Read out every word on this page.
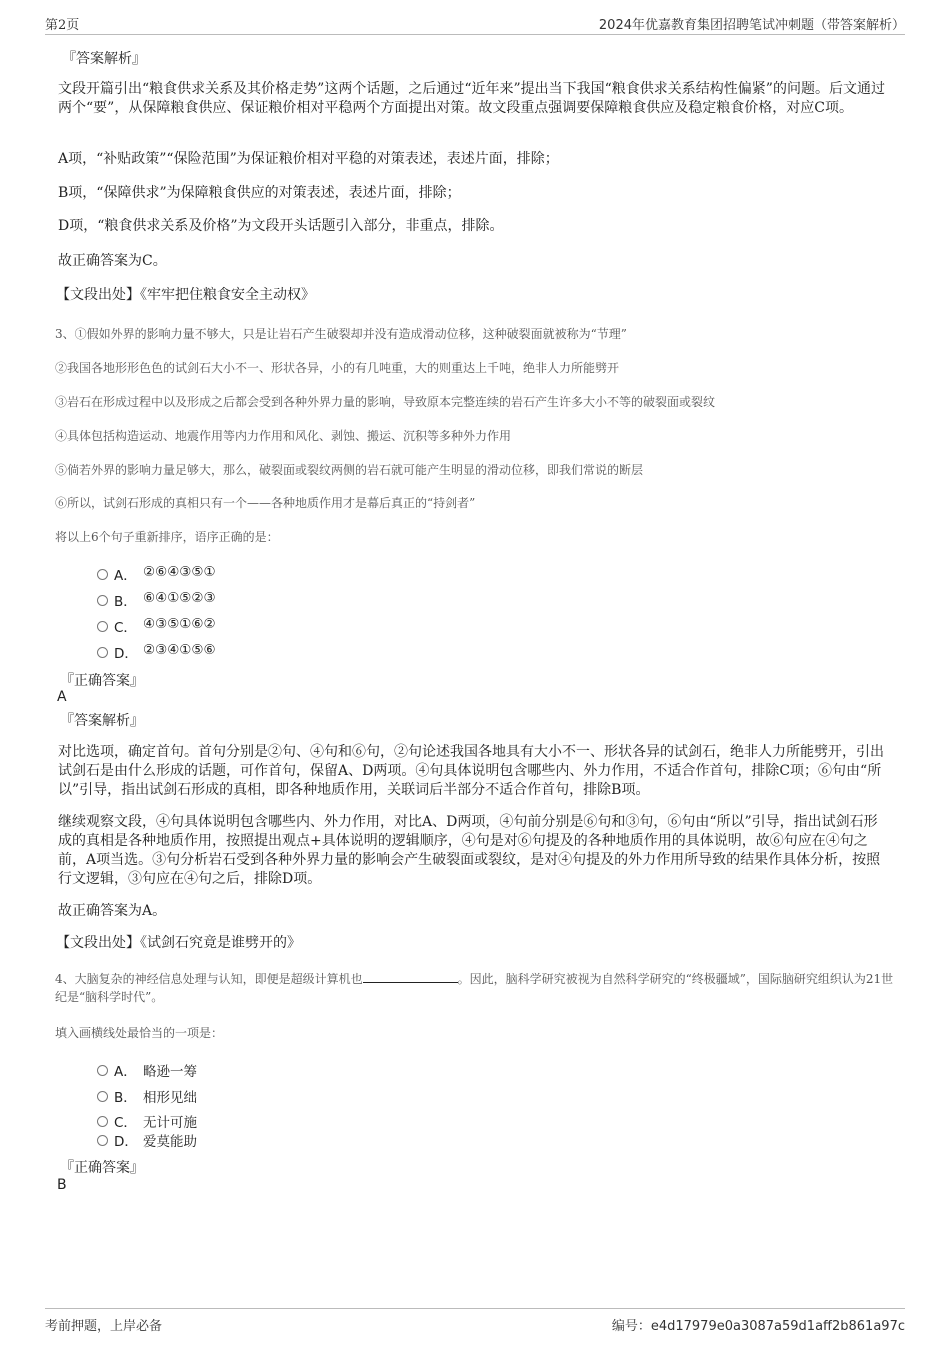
第2页	2024年优嘉教育集团招聘笔试冲刺题（带答案解析）
『答案解析』
文段开篇引出“粮食供求关系及其价格走势”这两个话题，之后通过“近年来”提出当下我国“粮食供求关系结构性偏紧”的问题。后文通过两个“要”，从保障粮食供应、保证粮价相对平稳两个方面提出对策。故文段重点强调要保障粮食供应及稳定粮食价格，对应C项。
A项，“补贴政策”“保险范围”为保证粮价相对平稳的对策表述，表述片面，排除；
B项，“保障供求”为保障粮食供应的对策表述，表述片面，排除；
D项，“粮食供求关系及价格”为文段开头话题引入部分，非重点，排除。
故正确答案为C。
【文段出处】《牢牢把住粮食安全主动权》
3、①假如外界的影响力量不够大，只是让岩石产生破裂却并没有造成滑动位移，这种破裂面就被称为“节理”
②我国各地形形色色的试剑石大小不一、形状各异，小的有几吨重，大的则重达上千吨，绝非人力所能劈开
③岩石在形成过程中以及形成之后都会受到各种外界力量的影响，导致原本完整连续的岩石产生许多大小不等的破裂面或裂纹
④具体包括构造运动、地震作用等内力作用和风化、剥蚀、搬运、沉积等多种外力作用
⑤倘若外界的影响力量足够大，那么，破裂面或裂纹两侧的岩石就可能产生明显的滑动位移，即我们常说的断层
⑥所以，试剑石形成的真相只有一个——各种地质作用才是幕后真正的“持剑者”
将以上6个句子重新排序，语序正确的是：
A． ②⑥④③⑤①
B． ⑥④①⑤②③
C． ④③⑤①⑥②
D． ②③④①⑤⑥
『正确答案』
A
『答案解析』
对比选项，确定首句。首句分别是②句、④句和⑥句，②句论述我国各地具有大小不一、形状各异的试剑石，绝非人力所能劈开，引出试剑石是由什么形成的话题，可作首句，保留A、D两项。④句具体说明包含哪些内、外力作用，不适合作首句，排除C项；⑥句由“所以”引导，指出试剑石形成的真相，即各种地质作用，关联词后半部分不适合作首句，排除B项。
继续观察文段，④句具体说明包含哪些内、外力作用，对比A、D两项，④句前分别是⑥句和③句，⑥句由“所以”引导，指出试剑石形成的真相是各种地质作用，按照提出观点+具体说明的逻辑顺序，④句是对⑥句提及的各种地质作用的具体说明，故⑥句应在④句之前，A项当选。③句分析岩石受到各种外界力量的影响会产生破裂面或裂纹，是对④句提及的外力作用所导致的结果作具体分析，按照行文逻辑，③句应在④句之后，排除D项。
故正确答案为A。
【文段出处】《试剑石究竟是谁劈开的》
4、大脑复杂的神经信息处理与认知，即便是超级计算机也	。因此，脑科学研究被视为自然科学研究的“终极疆域”，国际脑研究组织认为21世纪是“脑科学时代”。
填入画横线处最恰当的一项是：
A． 略逊一筹
B． 相形见绌
C． 无计可施
D． 爱莫能助
『正确答案』
B
考前押题，上岸必备	编号：e4d17979e0a3087a59d1aff2b861a97c
